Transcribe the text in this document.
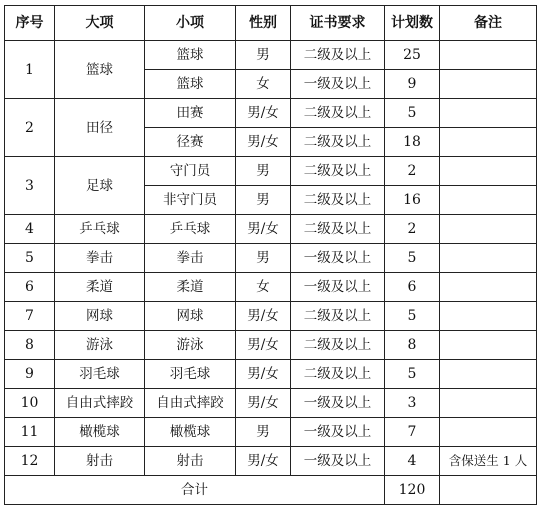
序号	大项	小项	性别	证书要求	计划数	备注
1	篮球	篮球	男	二级及以上	25	
		篮球	女	一级及以上	9	
2	田径	田赛	男/女	二级及以上	5	
		径赛	男/女	二级及以上	18	
3	足球	守门员	男	二级及以上	2	
		非守门员	男	二级及以上	16	
4	乒乓球	乒乓球	男/女	二级及以上	2	
5	拳击	拳击	男	一级及以上	5	
6	柔道	柔道	女	一级及以上	6	
7	网球	网球	男/女	二级及以上	5	
8	游泳	游泳	男/女	二级及以上	8	
9	羽毛球	羽毛球	男/女	二级及以上	5	
10	自由式摔跤	自由式摔跤	男/女	一级及以上	3	
11	橄榄球	橄榄球	男	一级及以上	7	
12	射击	射击	男/女	一级及以上	4	含保送生 1 人
合计					120	
